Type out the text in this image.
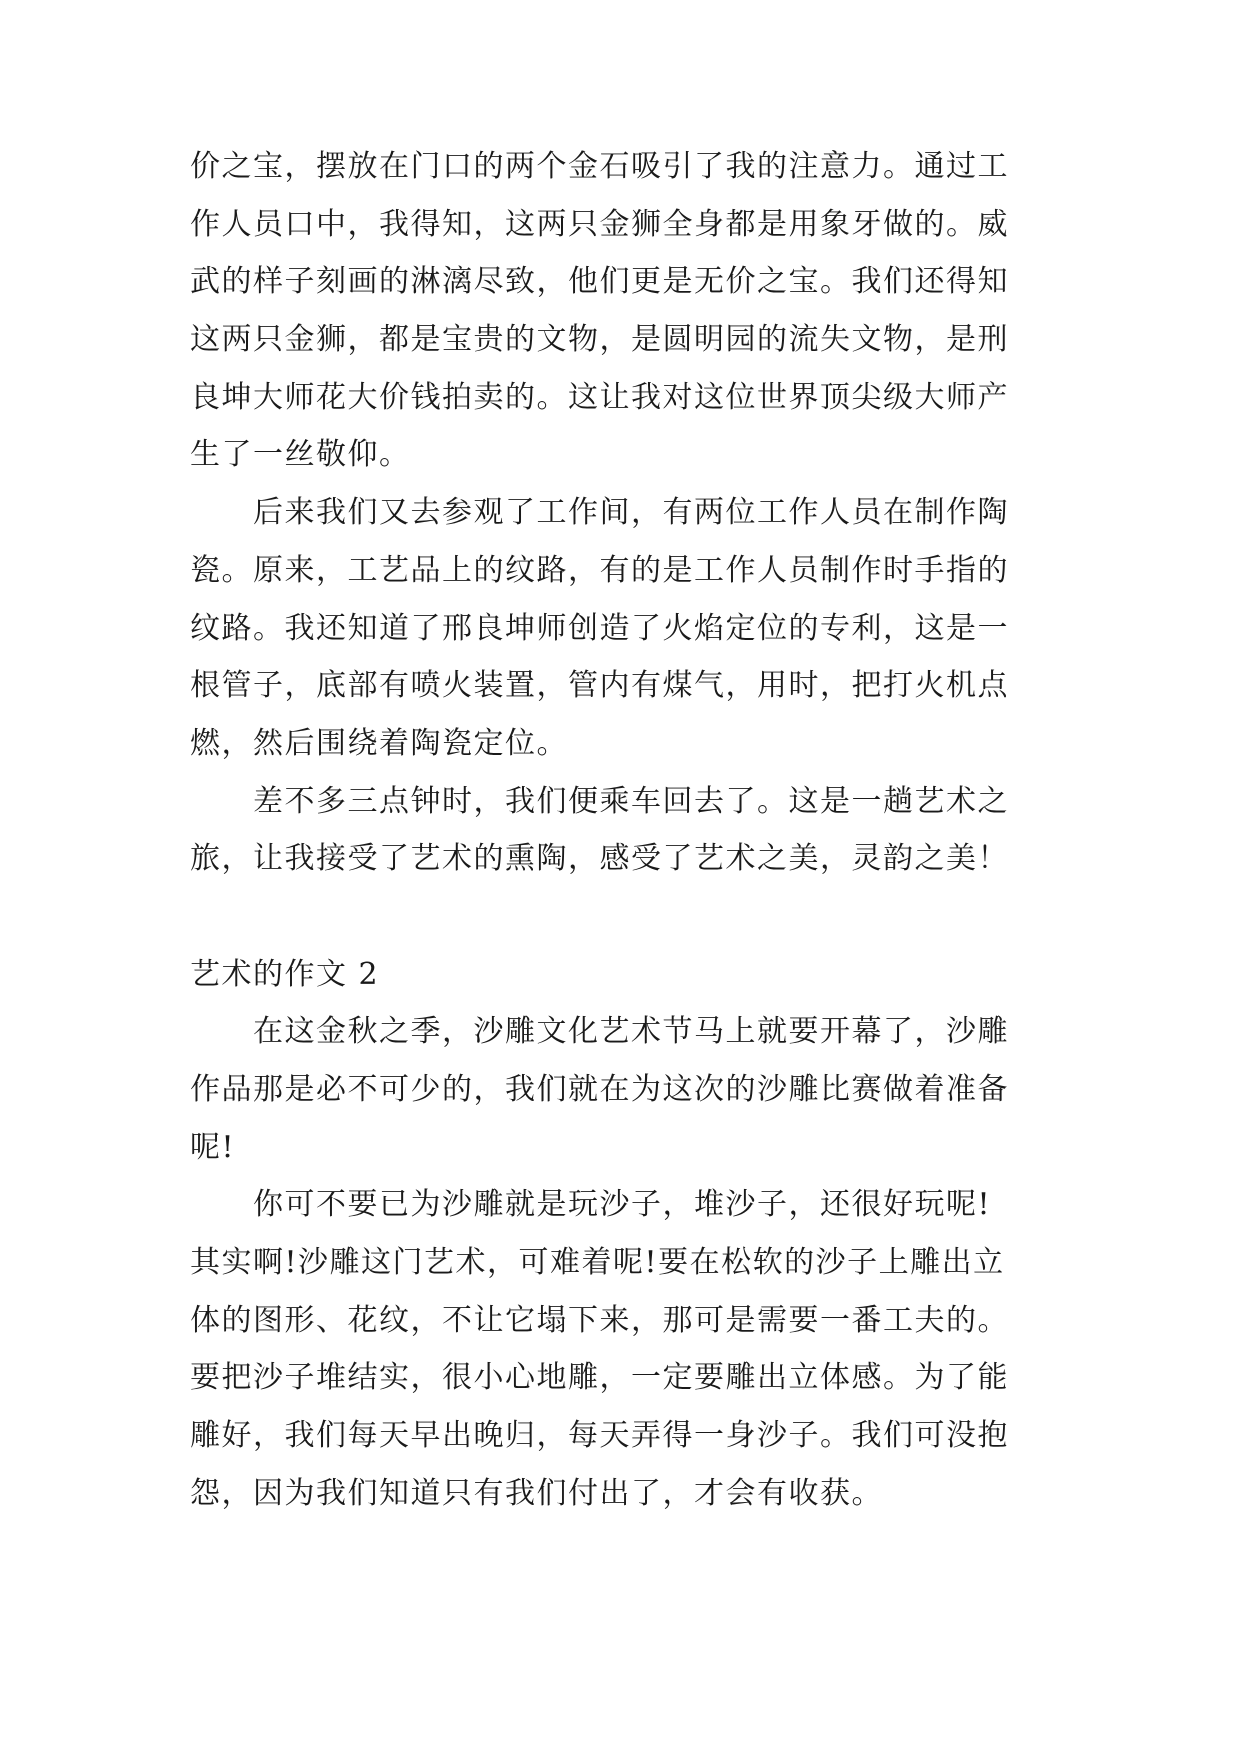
价之宝，摆放在门口的两个金石吸引了我的注意力。通过工
作人员口中，我得知，这两只金狮全身都是用象牙做的。威
武的样子刻画的淋漓尽致，他们更是无价之宝。我们还得知
这两只金狮，都是宝贵的文物，是圆明园的流失文物，是刑
良坤大师花大价钱拍卖的。这让我对这位世界顶尖级大师产
生了一丝敬仰。
后来我们又去参观了工作间，有两位工作人员在制作陶
瓷。原来，工艺品上的纹路，有的是工作人员制作时手指的
纹路。我还知道了邢良坤师创造了火焰定位的专利，这是一
根管子，底部有喷火装置，管内有煤气，用时，把打火机点
燃，然后围绕着陶瓷定位。
差不多三点钟时，我们便乘车回去了。这是一趟艺术之
旅，让我接受了艺术的熏陶，感受了艺术之美，灵韵之美！
艺术的作文 2
在这金秋之季，沙雕文化艺术节马上就要开幕了，沙雕
作品那是必不可少的，我们就在为这次的沙雕比赛做着准备
呢!
你可不要已为沙雕就是玩沙子，堆沙子，还很好玩呢!
其实啊!沙雕这门艺术，可难着呢!要在松软的沙子上雕出立
体的图形、花纹，不让它塌下来，那可是需要一番工夫的。
要把沙子堆结实，很小心地雕，一定要雕出立体感。为了能
雕好，我们每天早出晚归，每天弄得一身沙子。我们可没抱
怨，因为我们知道只有我们付出了，才会有收获。
